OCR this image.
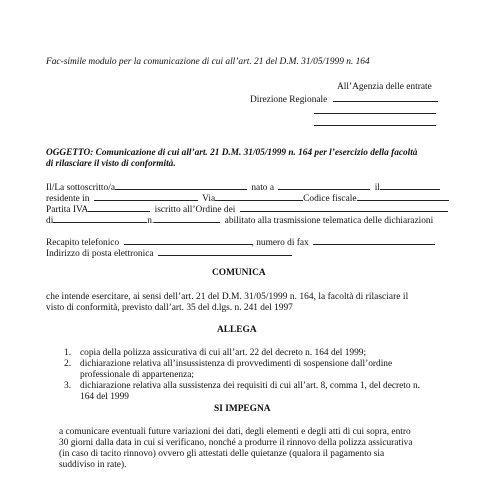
Fac-simile modulo per la comunicazione di cui all’art. 21 del D.M. 31/05/1999 n. 164
All’Agenzia delle entrate
Direzione Regionale
OGGETTO: Comunicazione di cui all’art. 21 D.M. 31/05/1999 n. 164 per l’esercizio della facoltà
di rilasciare il visto di conformità.
Il/La sottoscritto/a	nato a	il
residente in	Via	Codice fiscale
Partita IVA	iscritto all’Ordine dei
di	n.	abilitato alla trasmissione telematica delle dichiarazioni
Recapito telefonico	, numero di fax
Indirizzo di posta elettronica
COMUNICA
che intende esercitare, ai sensi dell’art. 21 del D.M. 31/05/1999 n. 164, la facoltà di rilasciare il
visto di conformità, previsto dall’art. 35 del d.lgs. n. 241 del 1997
ALLEGA
1. copia della polizza assicurativa di cui all’art. 22 del decreto n. 164 del 1999;
2. dichiarazione relativa all’insussistenza di provvedimenti di sospensione dall’ordine
professionale di appartenenza;
3. dichiarazione relativa alla sussistenza dei requisiti di cui all’art. 8, comma 1, del decreto n.
164 del 1999
SI IMPEGNA
a comunicare eventuali future variazioni dei dati, degli elementi e degli atti di cui sopra, entro
30 giorni dalla data in cui si verificano, nonché a produrre il rinnovo della polizza assicurativa
(in caso di tacito rinnovo) ovvero gli attestati delle quietanze (qualora il pagamento sia
suddiviso in rate).
